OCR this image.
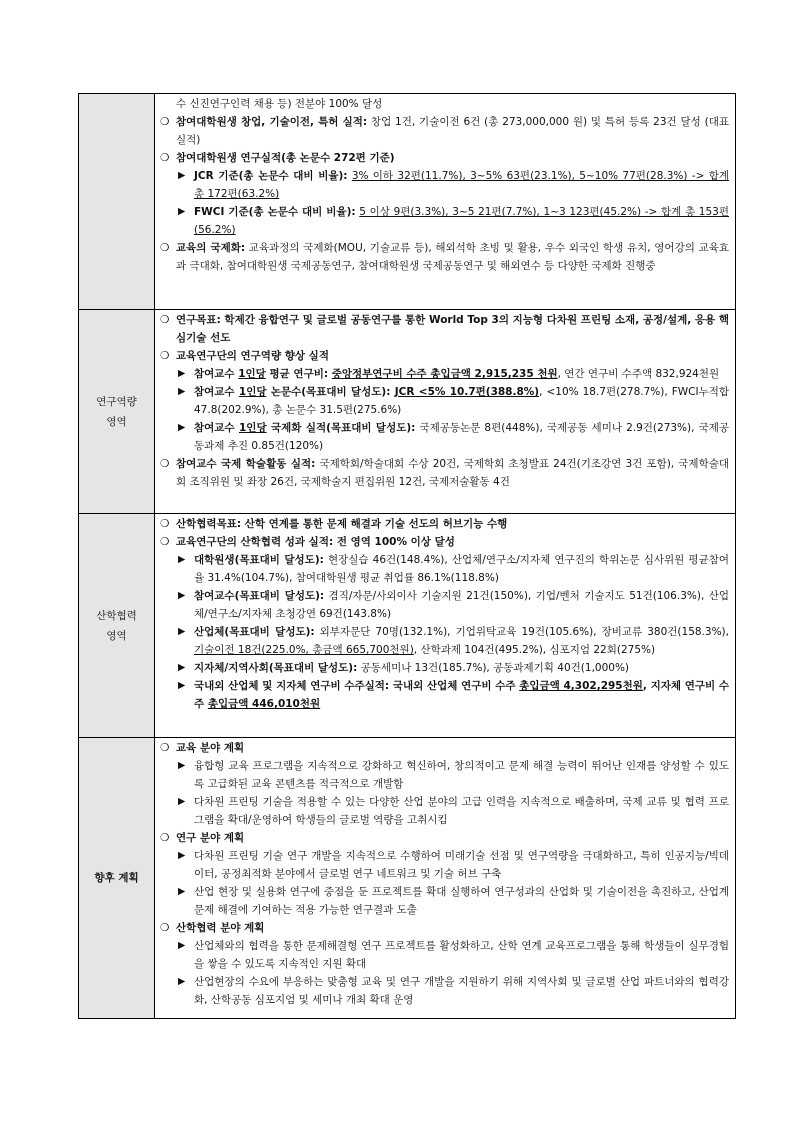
수 신진연구인력 채용 등) 전분야 100% 달성
❍ 참여대학원생 창업, 기술이전, 특허 실적: 창업 1건, 기술이전 6건 (총 273,000,000 원) 및 특허 등록 23건 달성 (대표실적)
❍ 참여대학원생 연구실적(총 논문수 272편 기준)
▶ JCR 기준(총 논문수 대비 비율): 3% 이하 32편(11.7%), 3~5% 63편(23.1%), 5~10% 77편(28.3%) -> 합계 총 172편(63.2%)
▶ FWCI 기준(총 논문수 대비 비율): 5 이상 9편(3.3%), 3~5 21편(7.7%), 1~3 123편(45.2%) -> 합계 총 153편(56.2%)
❍ 교육의 국제화: 교육과정의 국제화(MOU, 기술교류 등), 해외석학 초빙 및 활용, 우수 외국인 학생 유치, 영어강의 교육효과 극대화, 참여대학원생 국제공동연구, 참여대학원생 국제공동연구 및 해외연수 등 다양한 국제화 진행중
연구역량
영역
❍ 연구목표: 학제간 융합연구 및 글로벌 공동연구를 통한 World Top 3의 지능형 다차원 프린팅 소재, 공정/설계, 응용 핵심기술 선도
❍ 교육연구단의 연구역량 향상 실적
▶ 참여교수 1인당 평균 연구비: 중앙정부연구비 수주 총입금액 2,915,235 천원, 연간 연구비 수주액 832,924천원
▶ 참여교수 1인당 논문수(목표대비 달성도): JCR <5% 10.7편(388.8%), <10% 18.7편(278.7%), FWCI누적합 47.8(202.9%), 총 논문수 31.5편(275.6%)
▶ 참여교수 1인당 국제화 실적(목표대비 달성도): 국제공동논문 8편(448%), 국제공동 세미나 2.9건(273%), 국제공동과제 추진 0.85건(120%)
❍ 참여교수 국제 학술활동 실적: 국제학회/학술대회 수상 20건, 국제학회 초청발표 24건(기조강연 3건 포함), 국제학술대회 조직위원 및 좌장 26건, 국제학술지 편집위원 12건, 국제저술활동 4건
산학협력
영역
❍ 산학협력목표: 산학 연계를 통한 문제 해결과 기술 선도의 허브기능 수행
❍ 교육연구단의 산학협력 성과 실적: 전 영역 100% 이상 달성
▶ 대학원생(목표대비 달성도): 현장실습 46건(148.4%), 산업체/연구소/지자체 연구진의 학위논문 심사위원 평균참여율 31.4%(104.7%), 참여대학원생 평균 취업률 86.1%(118.8%)
▶ 참여교수(목표대비 달성도): 겸직/자문/사외이사 기술지원 21건(150%), 기업/벤처 기술지도 51건(106.3%), 산업체/연구소/지자체 초청강연 69건(143.8%)
▶ 산업체(목표대비 달성도): 외부자문단 70명(132.1%), 기업위탁교육 19건(105.6%), 장비교류 380건(158.3%), 기술이전 18건(225.0%, 총금액 665,700천원), 산학과제 104건(495.2%), 심포지엄 22회(275%)
▶ 지자체/지역사회(목표대비 달성도): 공동세미나 13건(185.7%), 공동과제기획 40건(1,000%)
▶ 국내외 산업체 및 지자체 연구비 수주실적: 국내외 산업체 연구비 수주 총입금액 4,302,295천원, 지자체 연구비 수주 총입금액 446,010천원
향후 계획
❍ 교육 분야 계획
▶ 융합형 교육 프로그램을 지속적으로 강화하고 혁신하여, 창의적이고 문제 해결 능력이 뛰어난 인재를 양성할 수 있도록 고급화된 교육 콘텐츠를 적극적으로 개발함
▶ 다차원 프린팅 기술을 적용할 수 있는 다양한 산업 분야의 고급 인력을 지속적으로 배출하며, 국제 교류 및 협력 프로그램을 확대/운영하여 학생들의 글로벌 역량을 고취시킴
❍ 연구 분야 계획
▶ 다차원 프린팅 기술 연구 개발을 지속적으로 수행하여 미래기술 선점 및 연구역량을 극대화하고, 특히 인공지능/빅데이터, 공정최적화 분야에서 글로벌 연구 네트워크 및 기술 허브 구축
▶ 산업 현장 및 실용화 연구에 중점을 둔 프로젝트를 확대 실행하여 연구성과의 산업화 및 기술이전을 촉진하고, 산업계 문제 해결에 기여하는 적용 가능한 연구결과 도출
❍ 산학협력 분야 계획
▶ 산업체와의 협력을 통한 문제해결형 연구 프로젝트를 활성화하고, 산학 연계 교육프로그램을 통해 학생들이 실무경험을 쌓을 수 있도록 지속적인 지원 확대
▶ 산업현장의 수요에 부응하는 맞춤형 교육 및 연구 개발을 지원하기 위해 지역사회 및 글로벌 산업 파트너와의 협력강화, 산학공동 심포지엄 및 세미나 개최 확대 운영
